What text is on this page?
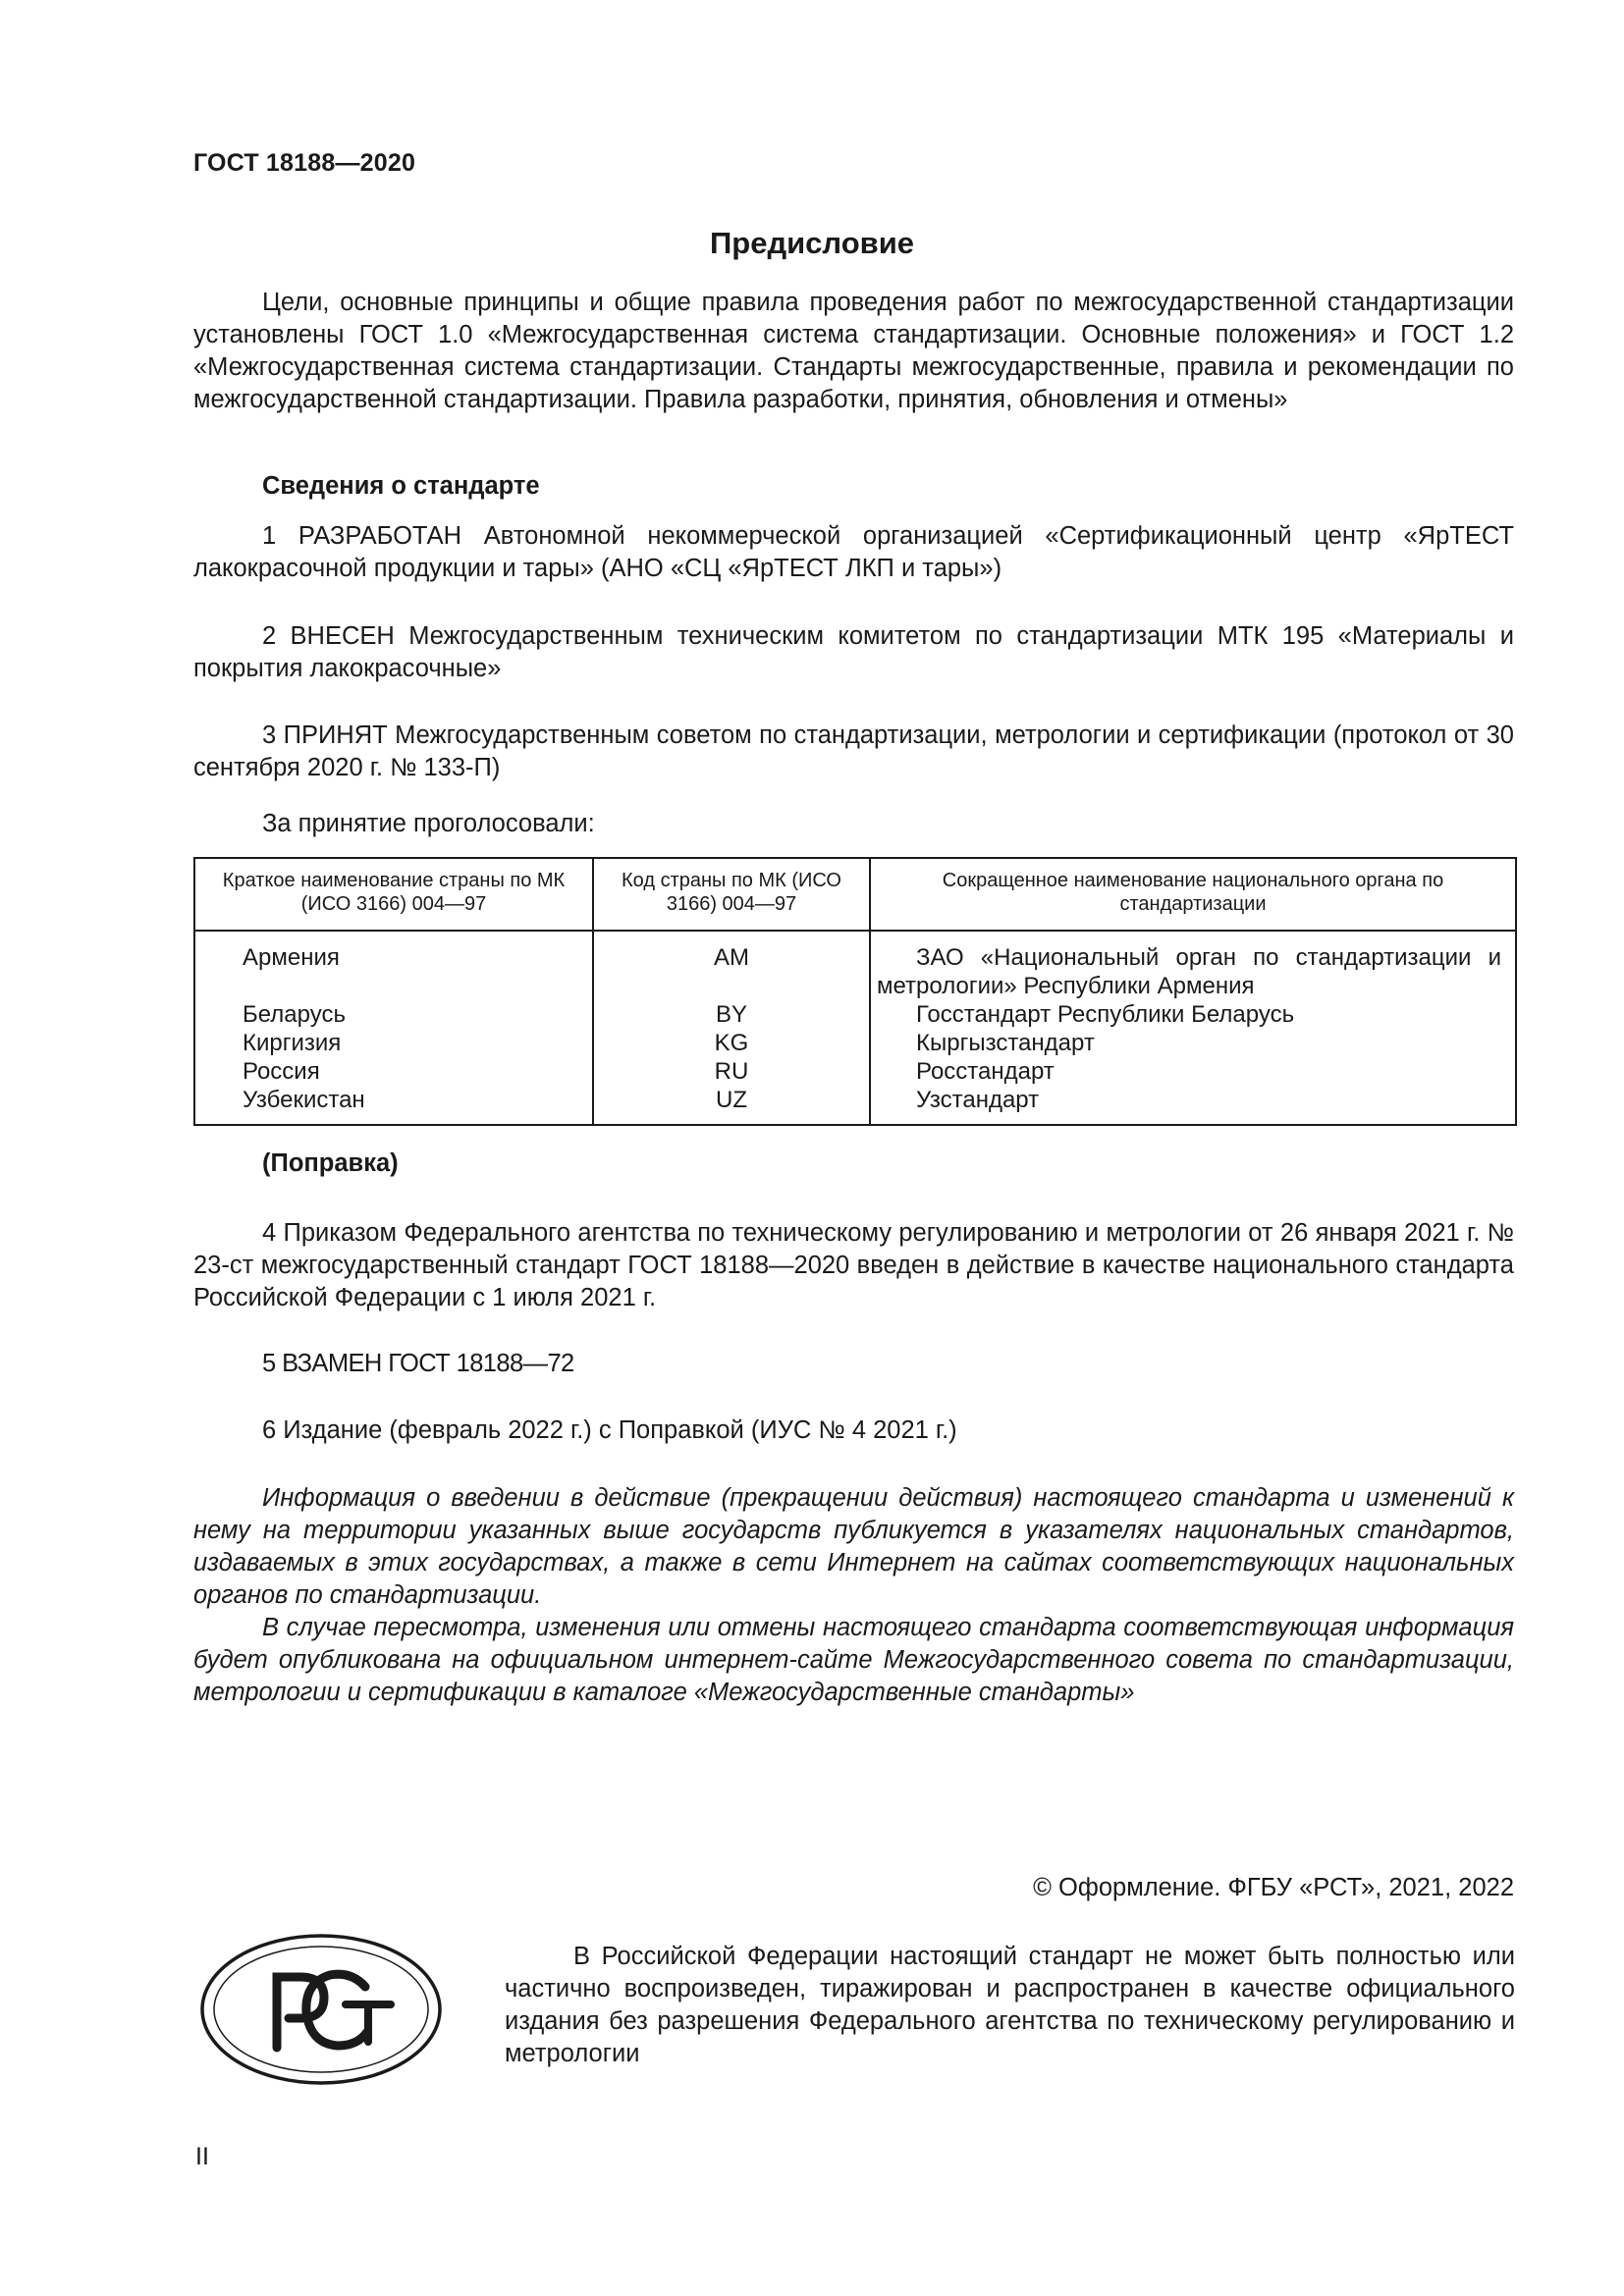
ГОСТ 18188—2020
Предисловие
Цели, основные принципы и общие правила проведения работ по межгосударственной стандартизации установлены ГОСТ 1.0 «Межгосударственная система стандартизации. Основные положения» и ГОСТ 1.2 «Межгосударственная система стандартизации. Стандарты межгосударственные, правила и рекомендации по межгосударственной стандартизации. Правила разработки, принятия, обновления и отмены»
Сведения о стандарте
1 РАЗРАБОТАН Автономной некоммерческой организацией «Сертификационный центр «ЯрТЕСТ лакокрасочной продукции и тары» (АНО «СЦ «ЯрТЕСТ ЛКП и тары»)
2 ВНЕСЕН Межгосударственным техническим комитетом по стандартизации МТК 195 «Материалы и покрытия лакокрасочные»
3 ПРИНЯТ Межгосударственным советом по стандартизации, метрологии и сертификации (протокол от 30 сентября 2020 г. № 133-П)
За принятие проголосовали:
Краткое наименование страны по МК (ИСО 3166) 004—97	Код страны по МК (ИСО 3166) 004—97	Сокращенное наименование национального органа по стандартизации
Армения	AM	ЗАО «Национальный орган по стандартизации и метрологии» Республики Армения
Беларусь	BY	Госстандарт Республики Беларусь
Киргизия	KG	Кыргызстандарт
Россия	RU	Росстандарт
Узбекистан	UZ	Узстандарт
(Поправка)
4 Приказом Федерального агентства по техническому регулированию и метрологии от 26 января 2021 г. № 23-ст межгосударственный стандарт ГОСТ 18188—2020 введен в действие в качестве национального стандарта Российской Федерации с 1 июля 2021 г.
5 ВЗАМЕН ГОСТ 18188—72
6 Издание (февраль 2022 г.) с Поправкой (ИУС № 4 2021 г.)
Информация о введении в действие (прекращении действия) настоящего стандарта и изменений к нему на территории указанных выше государств публикуется в указателях национальных стандартов, издаваемых в этих государствах, а также в сети Интернет на сайтах соответствующих национальных органов по стандартизации.
В случае пересмотра, изменения или отмены настоящего стандарта соответствующая информация будет опубликована на официальном интернет-сайте Межгосударственного совета по стандартизации, метрологии и сертификации в каталоге «Межгосударственные стандарты»
© Оформление. ФГБУ «РСТ», 2021, 2022
В Российской Федерации настоящий стандарт не может быть полностью или частично воспроизведен, тиражирован и распространен в качестве официального издания без разрешения Федерального агентства по техническому регулированию и метрологии
II
